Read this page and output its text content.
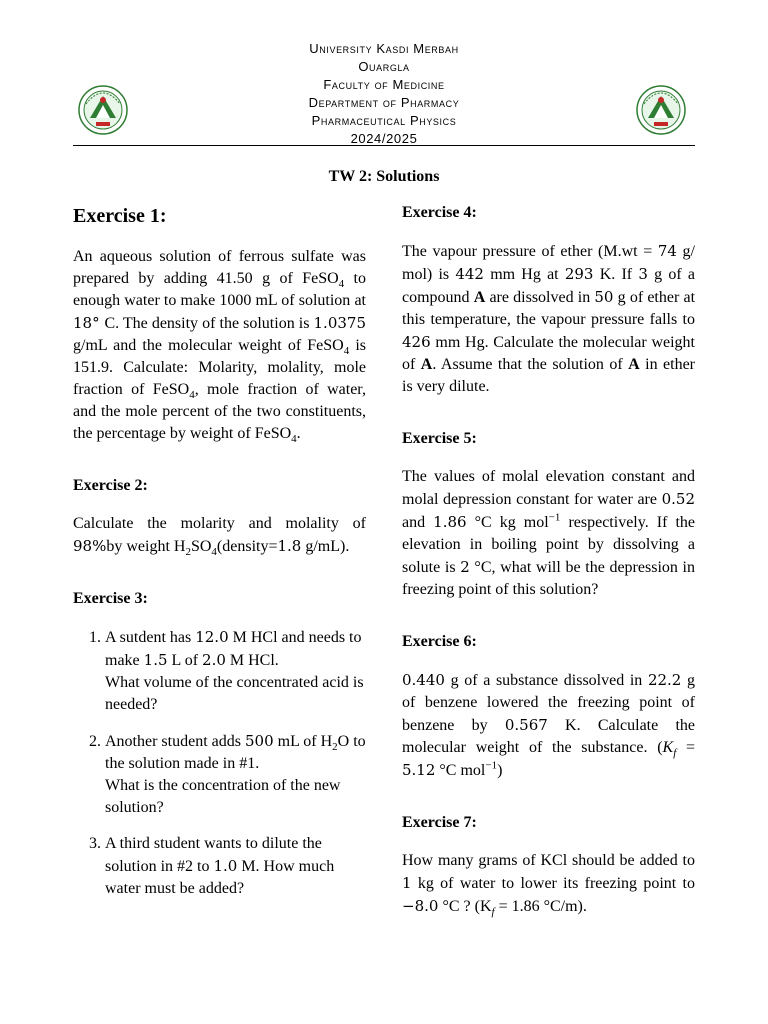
University Kasdi Merbah
Ouargla
Faculty of Medicine
Department of Pharmacy
Pharmaceutical Physics
2024/2025
TW 2: Solutions
Exercise 1:

An aqueous solution of ferrous sulfate was prepared by adding 41.50 g of FeSO$_4$ to enough water to make 1000 mL of solution at 18° C. The density of the solution is 1.0375 g/mL and the molecular weight of FeSO$_4$ is 151.9. Calculate: Molarity, molality, mole fraction of FeSO$_4$, mole fraction of water, and the mole percent of the two constituents, the percentage by weight of FeSO$_4$.

Exercise 2:

Calculate the molarity and molality of 98%by weight $H_2SO_4(density=1.8$ g/mL).

Exercise 3:
1. A sutdent has 12.0 M HCl and needs to make 1.5 L of 2.0 M HCl.
What volume of the concentrated acid is needed?
2. Another student adds 500 mL of $H_2O$ to the solution made in #1.
What is the concentration of the new solution?
3. A third student wants to dilute the solution in #2 to 1.0 M. How much water must be added?
Exercise 4:

The vapour pressure of ether (M.wt = 74 g/ mol) is 442 mm Hg at 293 K. If 3 g of a compound A are dissolved in 50 g of ether at this temperature, the vapour pressure falls to 426 mm Hg. Calculate the molecular weight of A. Assume that the solution of A in ether is very dilute.

Exercise 5:

The values of molal elevation constant and molal depression constant for water are 0.52 and 1.86 °C kg mol$^{-1}$ respectively. If the elevation in boiling point by dissolving a solute is 2 °C, what will be the depression in freezing point of this solution?

Exercise 6:

0.440 g of a substance dissolved in 22.2 g of benzene lowered the freezing point of benzene by 0.567 K. Calculate the molecular weight of the substance. ($K_f = 5.12$ °C mol$^{-1}$)

Exercise 7:

How many grams of KCl should be added to 1 kg of water to lower its freezing point to −8.0 °C ? ($K_f = 1.86$ °C/m).
